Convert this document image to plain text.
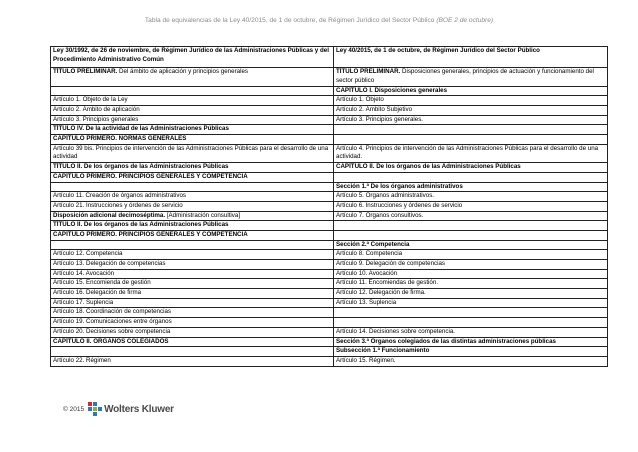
Tabla de equivalencias de la Ley 40/2015, de 1 de octubre, de Régimen Jurídico del Sector Público (BOE 2 de octubre)
Ley 30/1992, de 26 de noviembre, de Régimen Jurídico de las Administraciones Públicas y del Procedimiento Administrativo Común	Ley 40/2015, de 1 de octubre, de Régimen Jurídico del Sector Público
TÍTULO PRELIMINAR. Del ámbito de aplicación y principios generales	TÍTULO PRELIMINAR. Disposiciones generales, principios de actuación y funcionamiento del sector público
	CAPÍTULO I. Disposiciones generales
Artículo 1. Objeto de la Ley	Artículo 1. Objeto
Artículo 2. Ámbito de aplicación	Artículo 2. Ámbito Subjetivo
Artículo 3. Principios generales	Artículo 3. Principios generales.
TÍTULO IV. De la actividad de las Administraciones Públicas	
CAPÍTULO PRIMERO. NORMAS GENERALES	
Artículo 39 bis. Principios de intervención de las Administraciones Públicas para el desarrollo de una actividad	Artículo 4. Principios de intervención de las Administraciones Públicas para el desarrollo de una actividad.
TÍTULO II. De los órganos de las Administraciones Públicas	CAPÍTULO II. De los órganos de las Administraciones Públicas
CAPÍTULO PRIMERO. PRINCIPIOS GENERALES Y COMPETENCIA	
	Sección 1.ª De los órganos administrativos
Artículo 11. Creación de órganos administrativos	Artículo 5. Órganos administrativos.
Artículo 21. Instrucciones y órdenes de servicio	Artículo 6. Instrucciones y órdenes de servicio
Disposición adicional decimoséptima. [Administración consultiva]	Artículo 7. Órganos consultivos.
TÍTULO II. De los órganos de las Administraciones Públicas	
CAPÍTULO PRIMERO. PRINCIPIOS GENERALES Y COMPETENCIA	
	Sección 2.ª Competencia
Artículo 12. Competencia	Artículo 8. Competencia
Artículo 13. Delegación de competencias	Artículo 9. Delegación de competencias
Artículo 14. Avocación	Artículo 10. Avocación
Artículo 15. Encomienda de gestión	Artículo 11. Encomiendas de gestión.
Artículo 16. Delegación de firma	Artículo 12. Delegación de firma.
Artículo 17. Suplencia	Artículo 13. Suplencia
Artículo 18. Coordinación de competencias	
Artículo 19. Comunicaciones entre órganos	
Artículo 20. Decisiones sobre competencia	Artículo 14. Decisiones sobre competencia.
CAPÍTULO II. ÓRGANOS COLEGIADOS	Sección 3.ª Órganos colegiados de las distintas administraciones públicas
	Subsección 1.ª Funcionamiento
Artículo 22. Régimen	Artículo 15. Régimen.
© 2015 Wolters Kluwer
